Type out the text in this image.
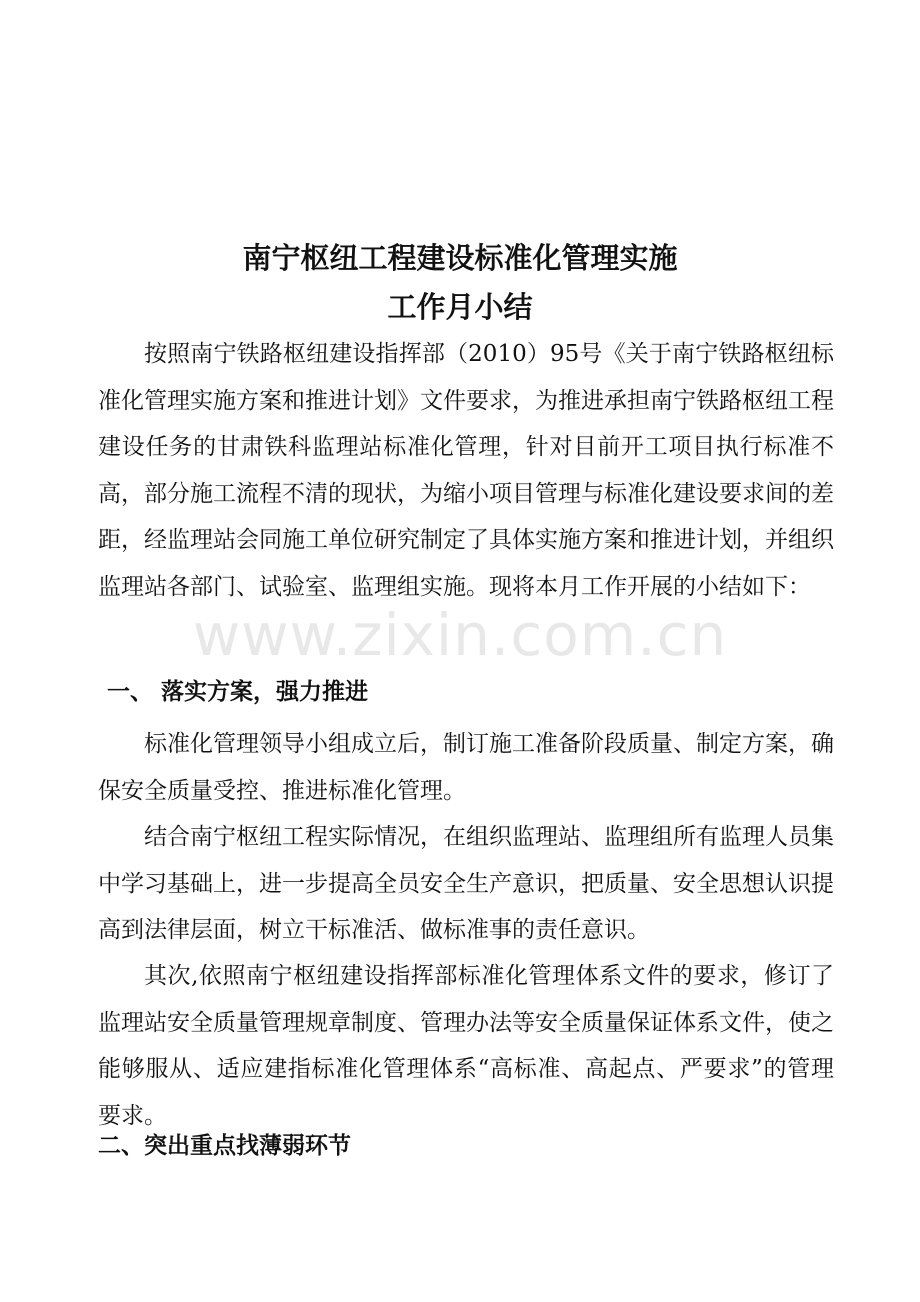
南宁枢纽工程建设标准化管理实施
工作月小结

按照南宁铁路枢纽建设指挥部（2010）95号《关于南宁铁路枢纽标准化管理实施方案和推进计划》文件要求，为推进承担南宁铁路枢纽工程建设任务的甘肃铁科监理站标准化管理，针对目前开工项目执行标准不高，部分施工流程不清的现状，为缩小项目管理与标准化建设要求间的差距，经监理站会同施工单位研究制定了具体实施方案和推进计划，并组织监理站各部门、试验室、监理组实施。现将本月工作开展的小结如下：

一、 落实方案，强力推进

标准化管理领导小组成立后，制订施工准备阶段质量、制定方案，确保安全质量受控、推进标准化管理。

结合南宁枢纽工程实际情况，在组织监理站、监理组所有监理人员集中学习基础上，进一步提高全员安全生产意识，把质量、安全思想认识提高到法律层面，树立干标准活、做标准事的责任意识。

其次,依照南宁枢纽建设指挥部标准化管理体系文件的要求，修订了监理站安全质量管理规章制度、管理办法等安全质量保证体系文件，使之能够服从、适应建指标准化管理体系“高标准、高起点、严要求”的管理要求。

二、突出重点找薄弱环节
www.zixin.com.cn
